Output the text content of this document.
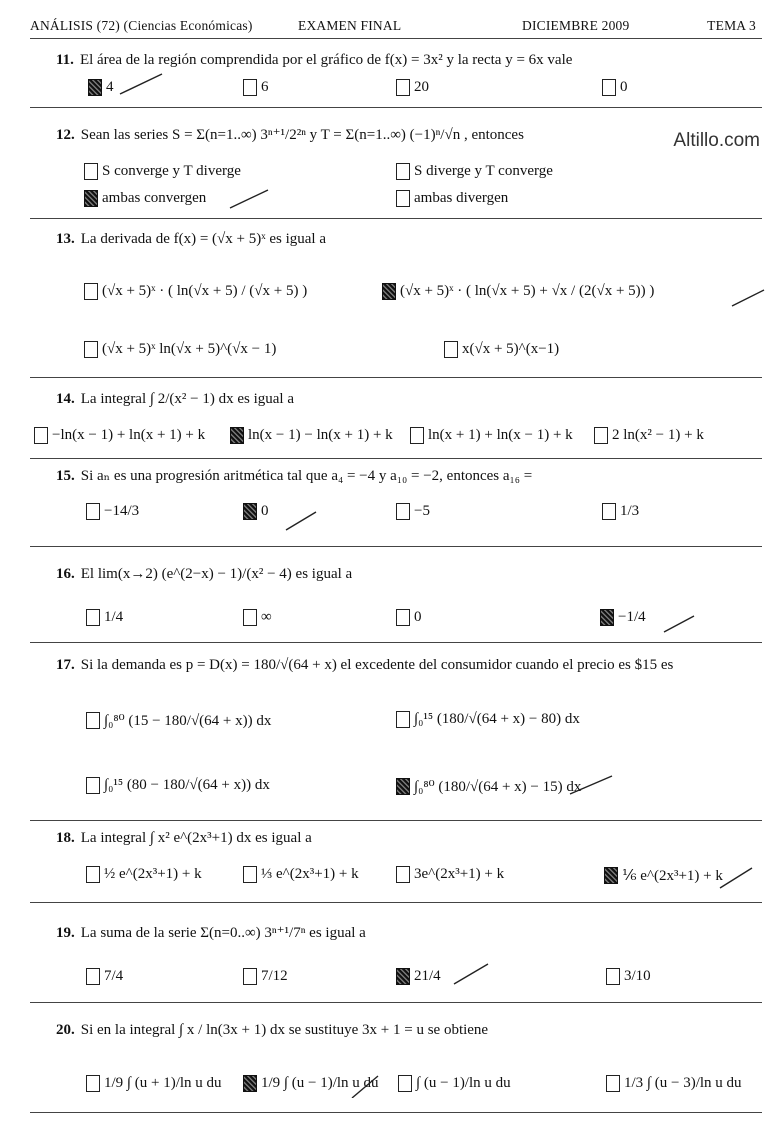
ANÁLISIS (72) (Ciencias Económicas)	EXAMEN FINAL	DICIEMBRE 2009	TEMA 3
Altillo.com
11. El área de la región comprendida por el gráfico de f(x) = 3x² y la recta y = 6x vale
4	6	20	0
12. Sean las series S = Σ(n=1..∞) 3ⁿ⁺¹/2²ⁿ y T = Σ(n=1..∞) (−1)ⁿ/√n , entonces
S converge y T diverge	S diverge y T converge
ambas convergen	ambas divergen
13. La derivada de f(x) = (√x + 5)ˣ es igual a
(√x + 5)ˣ · ( ln(√x + 5) / (√x + 5) )	(√x + 5)ˣ · ( ln(√x + 5) + √x / (2(√x + 5)) )
(√x + 5)ˣ ln(√x + 5)^(√x − 1)	x(√x + 5)^(x−1)
14. La integral ∫ 2/(x² − 1) dx es igual a
−ln(x − 1) + ln(x + 1) + k	ln(x − 1) − ln(x + 1) + k ln(x + 1) + ln(x − 1) + k	2 ln(x² − 1) + k
15. Si aₙ es una progresión aritmética tal que a₄ = −4 y a₁₀ = −2, entonces a₁₆ =
−14/3	0	−5	1/3
16. El lim(x→2) (e^(2−x) − 1)/(x² − 4) es igual a
1/4	∞	0	−1/4
17. Si la demanda es p = D(x) = 180/√(64 + x) el excedente del consumidor cuando el precio es $15 es
∫₀⁸⁰ (15 − 180/√(64 + x)) dx	∫₀¹⁵ (180/√(64 + x) − 80) dx
∫₀¹⁵ (80 − 180/√(64 + x)) dx	∫₀⁸⁰ (180/√(64 + x) − 15) dx
18. La integral ∫ x² e^(2x³+1) dx es igual a
½ e^(2x³+1) + k	⅓ e^(2x³+1) + k	3e^(2x³+1) + k	⅙ e^(2x³+1) + k
19. La suma de la serie Σ(n=0..∞) 3ⁿ⁺¹/7ⁿ es igual a
7/4	7/12	21/4	3/10
20. Si en la integral ∫ x / ln(3x + 1) dx se sustituye 3x + 1 = u se obtiene
1/9 ∫ (u + 1)/ln u du	1/9 ∫ (u − 1)/ln u du ∫ (u − 1)/ln u du	1/3 ∫ (u − 3)/ln u du
